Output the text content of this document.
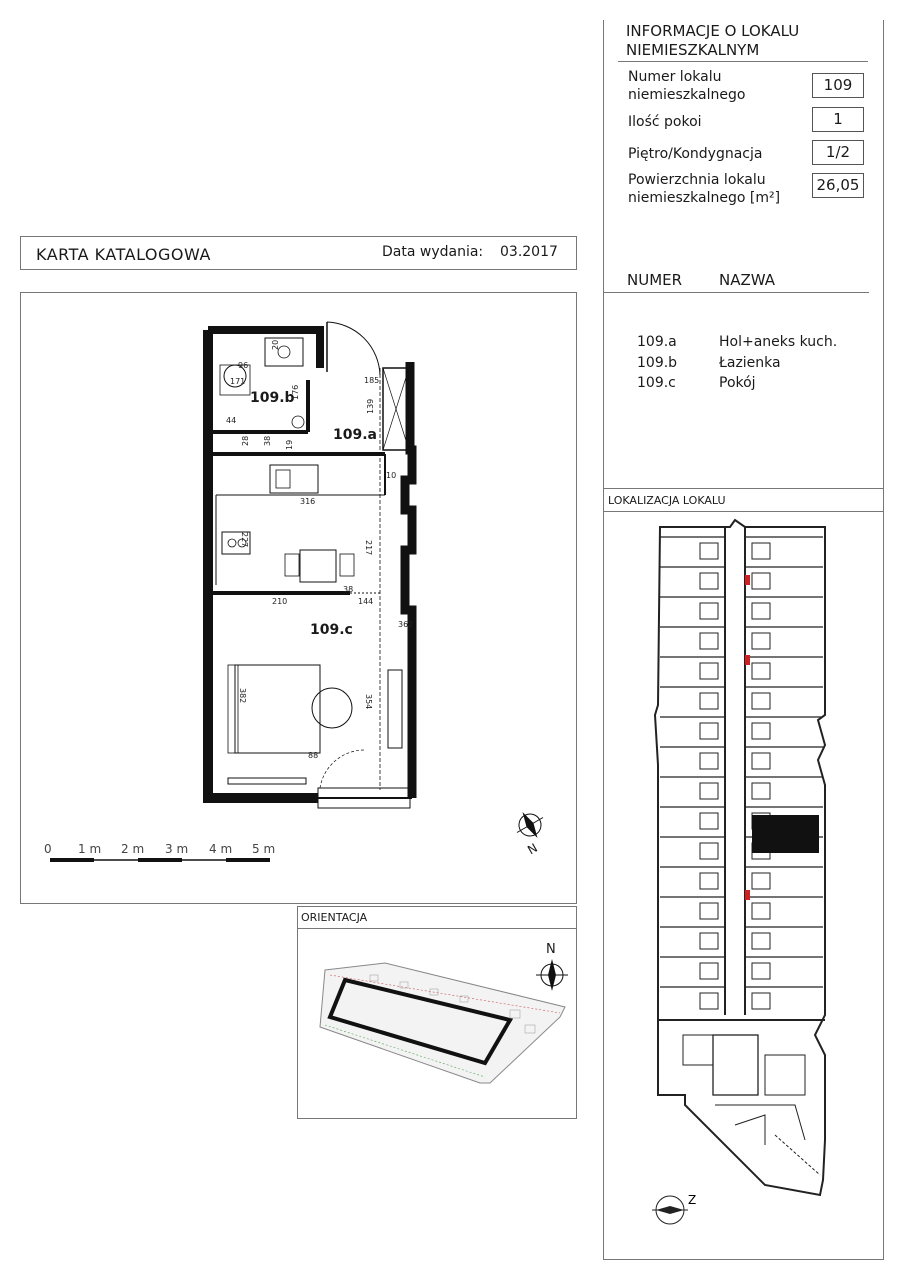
INFORMACJE O LOKALU
NIEMIESZKALNYM
Numer lokalu
niemieszkalnego
109
Ilość pokoi	1
Piętro/Kondygnacja	1/2
Powierzchnia lokalu
niemieszkalnego [m²]
26,05
NUMER NAZWA
109.a	Hol+aneks kuch.
109.b	Łazienka
109.c	Pokój
LOKALIZACJA LOKALU
Z
KARTA KATALOGOWA	Data wydania: 03.2017
109.b
109.a
109.c
96
20
171
176
185
139
44
28 38 19
10
316
227
217
210	144
38
362
382	354
88
0 1 m 2 m 3 m 4 m 5 m	N
ORIENTACJA
N
